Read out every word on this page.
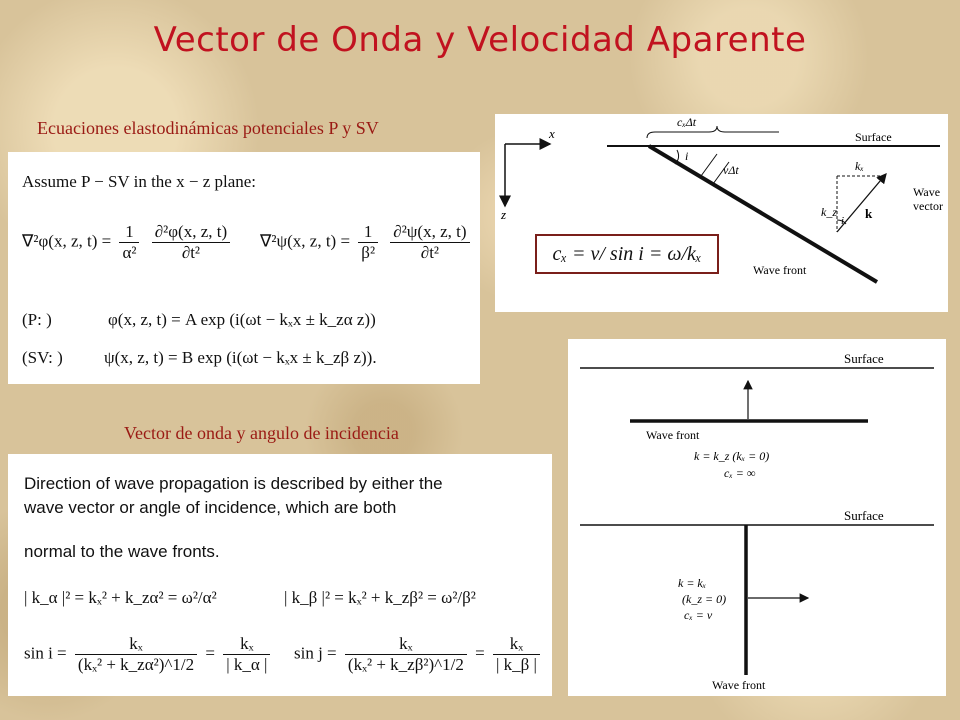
Vector de Onda y Velocidad Aparente
Ecuaciones elastodinámicas potenciales P y SV
Vector de onda y angulo de incidencia
Assume P − SV in the x − z plane:
∇²φ(x, z, $t) = \frac{1}{\text{α²}}$
$\frac{\text{∂²φ(x, z, t)}}{\text{∂t²}} \nabla^2\psi(x$, z, $t) = \frac{1}{\text{β²}}$
$\frac{\text{∂²ψ(x, z, t)}}{\text{∂t²}}$
(P: )	φ(x, z, t) = A exp (i(ωt − kₓx ± k_zα z))
(SV: ) ψ(x, z, t) = B exp (i(ωt − kₓx ± k_zβ z)).
x
z
Surface
cₓΔt
i
vΔt	kₓ
k_z
i k
Wave
vector
Wave front
cₓ = v/ sin i = ω/kₓ
Surface
Wave front
k = k_z (kₓ = 0)
cₓ = ∞
Surface
k = kₓ
(k_z = 0)
cₓ = v
Wave front
Direction of wave propagation is described by either the
wave vector or angle of incidence, which are both
normal to the wave fronts.
| k_α |² = kₓ² + k_zα² = ω²/α²	| k_β |² = kₓ² + k_zβ² = ω²/β²
$\sin i = \frac{\text{kₓ}}{\text{(kₓ² + k\_zα²)\textasciicircum{}1/2}} = \frac{\text{kₓ}}{| k\_\alpha |}$ $\sin j = \frac{\text{kₓ}}{\text{(kₓ² + k\_zβ²)\textasciicircum{}1/2}} = \frac{\text{kₓ}}{| k\_\beta |}$
